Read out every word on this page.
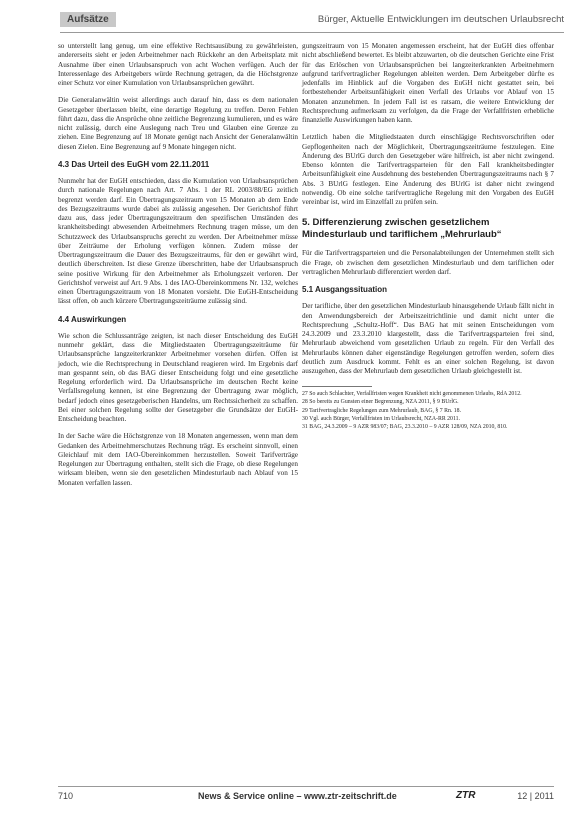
Aufsätze	Bürger, Aktuelle Entwicklungen im deutschen Urlaubsrecht

so unterstellt lang genug, um eine effektive Rechtsausübung zu gewährleisten, andererseits sieht er jeden Arbeitnehmer nach Rückkehr an den Arbeitsplatz mit Ausnahme über einen Urlaubsanspruch von acht Wochen verfügen. Auch der Interessenlage des Arbeitgebers würde Rechnung getragen, da die Höchstgrenze einer Schutz vor einer Kumulation von Urlaubsansprüchen gewährt.

Die Generalanwältin weist allerdings auch darauf hin, dass es dem nationalen Gesetzgeber überlassen bleibt, eine derartige Regelung zu treffen. Deren Fehlen führt dazu, dass die Ansprüche ohne zeitliche Begrenzung kumulieren, und es wäre nicht zulässig, durch eine Auslegung nach Treu und Glauben eine Grenze zu ziehen. Eine Begrenzung auf 18 Monate genügt nach Ansicht der Generalanwältin diesen Zielen. Eine Begrenzung auf 9 Monate hingegen nicht.

4.3 Das Urteil des EuGH vom 22.11.2011

Nunmehr hat der EuGH entschieden, dass die Kumulation von Urlaubsansprüchen durch nationale Regelungen nach Art. 7 Abs. 1 der RL 2003/88/EG zeitlich begrenzt werden darf. Ein Übertragungszeitraum von 15 Monaten ab dem Ende des Bezugszeitraums wurde dabei als zulässig angesehen. Der Gerichtshof führt dazu aus, dass jeder Übertragungszeitraum den spezifischen Umständen des krankheitsbedingt abwesenden Arbeitnehmers Rechnung tragen müsse, um den Schutzzweck des Urlaubsanspruchs gerecht zu werden. Der Arbeitnehmer müsse über Zeiträume der Erholung verfügen können. Zudem müsse der Übertragungszeitraum die Dauer des Bezugszeitraums, für den er gewährt wird, deutlich überschreiten. Ist diese Grenze überschritten, habe der Urlaubsanspruch seine positive Wirkung für den Arbeitnehmer als Erholungszeit verloren. Der Gerichtshof verweist auf Art. 9 Abs. 1 des IAO-Übereinkommens Nr. 132, welches einen Übertragungszeitraum von 18 Monaten vorsieht. Die EuGH-Entscheidung lässt offen, ob auch kürzere Übertragungszeiträume zulässig sind.

4.4 Auswirkungen

Wie schon die Schlussanträge zeigten, ist nach dieser Entscheidung des EuGH nunmehr geklärt, dass die Mitgliedstaaten Übertragungszeiträume für Urlaubsansprüche langzeiterkrankter Arbeitnehmer vorsehen dürfen. Offen ist jedoch, wie die Rechtsprechung in Deutschland reagieren wird. Im Ergebnis darf man gespannt sein, ob das BAG dieser Entscheidung folgt und eine gesetzliche Regelung erforderlich wird. Da Urlaubsansprüche im deutschen Recht keine Verfallsregelung kennen, ist eine Begrenzung der Übertragung zwar möglich, bedarf jedoch eines gesetzgeberischen Handelns, um Rechtssicherheit zu schaffen. Bei einer solchen Regelung sollte der Gesetzgeber die Grundsätze der EuGH-Entscheidung beachten.

In der Sache wäre die Höchstgrenze von 18 Monaten angemessen, wenn man dem Gedanken des Arbeitnehmerschutzes Rechnung trägt. Es erscheint sinnvoll, einen Gleichlauf mit dem IAO-Übereinkommen herzustellen. Soweit Tarifverträge Regelungen zur Übertragung enthalten, stellt sich die Frage, ob diese Regelungen wirksam bleiben, wenn sie den gesetzlichen Mindesturlaub nach Ablauf von 15 Monaten verfallen lassen.

gungszeitraum von 15 Monaten angemessen erscheint, hat der EuGH dies offenbar nicht abschließend bewertet. Es bleibt abzuwarten, ob die deutschen Gerichte eine Frist für das Erlöschen von Urlaubsansprüchen bei langzeiterkrankten Arbeitnehmern aufgrund tarifvertraglicher Regelungen ableiten werden. Dem Arbeitgeber dürfte es jedenfalls im Hinblick auf die Vorgaben des EuGH nicht gestattet sein, bei fortbestehender Arbeitsunfähigkeit einen Verfall des Urlaubs vor Ablauf von 15 Monaten anzunehmen. In jedem Fall ist es ratsam, die weitere Entwicklung der Rechtsprechung aufmerksam zu verfolgen, da die Frage der Verfallfristen erhebliche finanzielle Auswirkungen haben kann.

Letztlich haben die Mitgliedstaaten durch einschlägige Rechtsvorschriften oder Gepflogenheiten nach der Möglichkeit, Übertragungszeiträume festzulegen. Eine Änderung des BUrlG durch den Gesetzgeber wäre hilfreich, ist aber nicht zwingend. Ebenso könnten die Tarifvertragsparteien für den Fall krankheitsbedingter Arbeitsunfähigkeit eine Ausdehnung des bestehenden Übertragungszeitraums nach § 7 Abs. 3 BUrlG festlegen. Eine Änderung des BUrlG ist daher nicht zwingend notwendig. Ob eine solche tarifvertragliche Regelung mit den Vorgaben des EuGH vereinbar ist, wird im Einzelfall zu prüfen sein.

5. Differenzierung zwischen gesetzlichem Mindesturlaub und tariflichem „Mehrurlaub“

Für die Tarifvertragsparteien und die Personalabteilungen der Unternehmen stellt sich die Frage, ob zwischen dem gesetzlichen Mindesturlaub und dem tariflichen oder vertraglichen Mehrurlaub differenziert werden darf.

5.1 Ausgangssituation

Der tarifliche, über den gesetzlichen Mindesturlaub hinausgehende Urlaub fällt nicht in den Anwendungsbereich der Arbeitszeitrichtlinie und damit nicht unter die Rechtsprechung „Schultz-Hoff“. Das BAG hat mit seinen Entscheidungen vom 24.3.2009 und 23.3.2010 klargestellt, dass die Tarifvertragsparteien frei sind, Mehrurlaub abweichend vom gesetzlichen Urlaub zu regeln. Für den Verfall des Mehrurlaubs können daher eigenständige Regelungen getroffen werden, sofern dies deutlich zum Ausdruck kommt. Fehlt es an einer solchen Regelung, ist davon auszugehen, dass der Mehrurlaub dem gesetzlichen Urlaub gleichgestellt ist.

27 So auch Schlachter, Verfallfristen wegen Krankheit nicht genommenen Urlaubs, RdA 2012.

28 So bereits zu Gunsten einer Begrenzung, NZA 2011, § 9 BUrlG.

29 Tarifvertragliche Regelungen zum Mehrurlaub, BAG, § 7 Rn. 18.

30 Vgl. auch Bürger, Verfallfristen im Urlaubsrecht, NZA-RR 2011.

31 BAG, 24.3.2009 – 9 AZR 983/07; BAG, 23.3.2010 – 9 AZR 128/09, NZA 2010, 810.

710	News & Service online – www.ztr-zeitschrift.de	ZTR	12 | 2011
